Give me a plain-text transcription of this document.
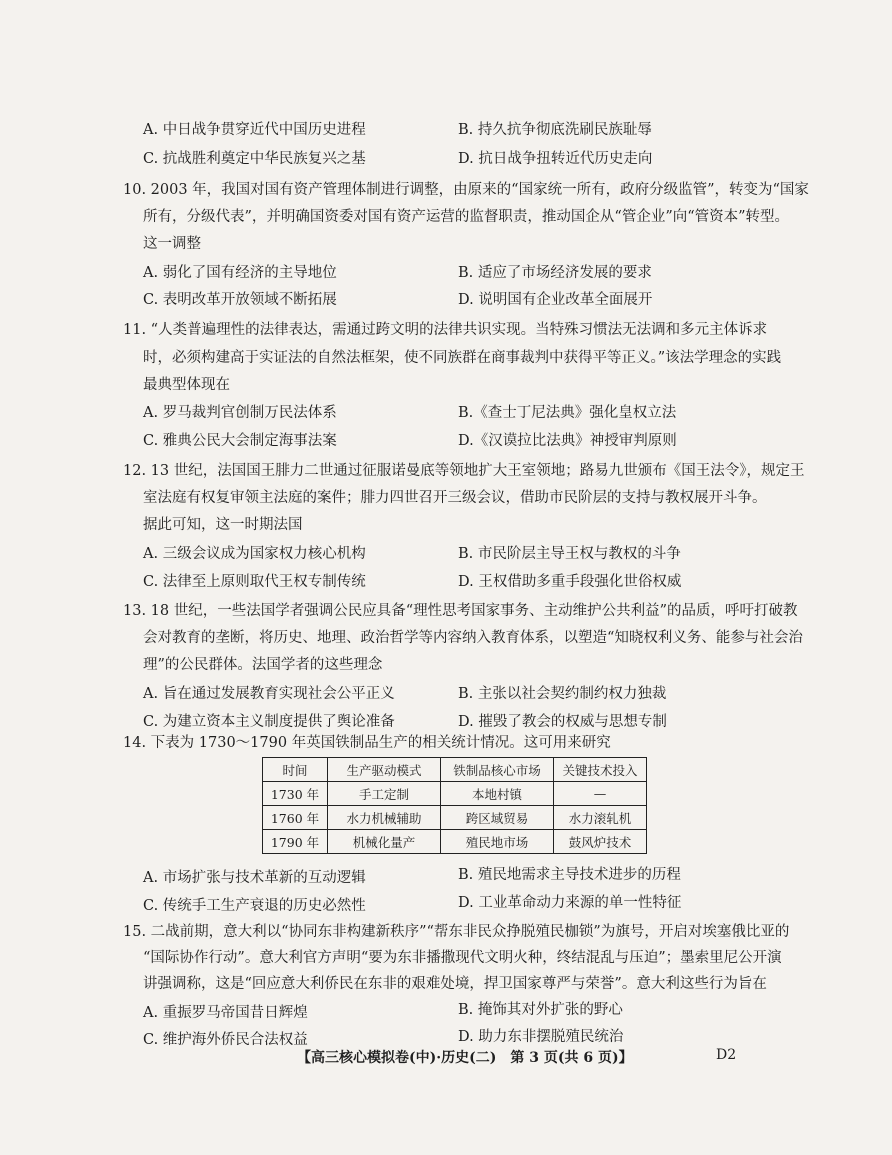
A. 中日战争贯穿近代中国历史进程	B. 持久抗争彻底洗刷民族耻辱
C. 抗战胜利奠定中华民族复兴之基	D. 抗日战争扭转近代历史走向
10. 2003 年，我国对国有资产管理体制进行调整，由原来的“国家统一所有，政府分级监管”，转变为“国家
所有，分级代表”，并明确国资委对国有资产运营的监督职责，推动国企从“管企业”向“管资本”转型。
这一调整
A. 弱化了国有经济的主导地位	B. 适应了市场经济发展的要求
C. 表明改革开放领域不断拓展	D. 说明国有企业改革全面展开
11. “人类普遍理性的法律表达，需通过跨文明的法律共识实现。当特殊习惯法无法调和多元主体诉求
时，必须构建高于实证法的自然法框架，使不同族群在商事裁判中获得平等正义。”该法学理念的实践
最典型体现在
A. 罗马裁判官创制万民法体系	B.《查士丁尼法典》强化皇权立法
C. 雅典公民大会制定海事法案	D.《汉谟拉比法典》神授审判原则
12. 13 世纪，法国国王腓力二世通过征服诺曼底等领地扩大王室领地；路易九世颁布《国王法令》，规定王
室法庭有权复审领主法庭的案件；腓力四世召开三级会议，借助市民阶层的支持与教权展开斗争。
据此可知，这一时期法国
A. 三级会议成为国家权力核心机构	B. 市民阶层主导王权与教权的斗争
C. 法律至上原则取代王权专制传统	D. 王权借助多重手段强化世俗权威
13. 18 世纪，一些法国学者强调公民应具备“理性思考国家事务、主动维护公共利益”的品质，呼吁打破教
会对教育的垄断，将历史、地理、政治哲学等内容纳入教育体系，以塑造“知晓权利义务、能参与社会治
理”的公民群体。法国学者的这些理念
A. 旨在通过发展教育实现社会公平正义	B. 主张以社会契约制约权力独裁
C. 为建立资本主义制度提供了舆论准备	D. 摧毁了教会的权威与思想专制
14. 下表为 1730～1790 年英国铁制品生产的相关统计情况。这可用来研究
时间	生产驱动模式	铁制品核心市场	关键技术投入
1730 年	手工定制	本地村镇	—
1760 年	水力机械辅助	跨区域贸易	水力滚轧机
1790 年	机械化量产	殖民地市场	鼓风炉技术
A. 市场扩张与技术革新的互动逻辑	B. 殖民地需求主导技术进步的历程
C. 传统手工生产衰退的历史必然性	D. 工业革命动力来源的单一性特征
15. 二战前期，意大利以“协同东非构建新秩序”“帮东非民众挣脱殖民枷锁”为旗号，开启对埃塞俄比亚的
“国际协作行动”。意大利官方声明“要为东非播撒现代文明火种，终结混乱与压迫”；墨索里尼公开演
讲强调称，这是“回应意大利侨民在东非的艰难处境，捍卫国家尊严与荣誉”。意大利这些行为旨在
A. 重振罗马帝国昔日辉煌	B. 掩饰其对外扩张的野心
C. 维护海外侨民合法权益	D. 助力东非摆脱殖民统治
【高三核心模拟卷(中)·历史(二)　第 3 页(共 6 页)】	D2
